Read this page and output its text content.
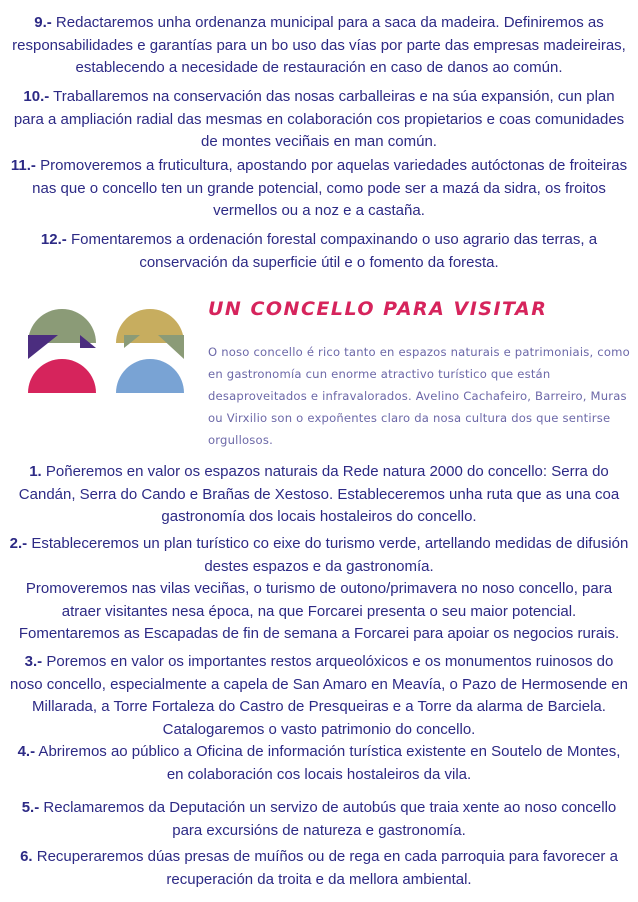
9.- Redactaremos unha ordenanza municipal para a saca da madeira. Definiremos as responsabilidades e garantías para un bo uso das vías por parte das empresas madeireiras, establecendo a necesidade de restauración en caso de danos ao común.

10.- Traballaremos na conservación das nosas carballeiras e na súa expansión, cun plan para a ampliación radial das mesmas en colaboración cos propietarios e coas comunidades de montes veciñais en man común.

11.- Promoveremos a fruticultura, apostando por aquelas variedades autóctonas de froiteiras nas que o concello ten un grande potencial, como pode ser a mazá da sidra, os froitos vermellos ou a noz e a castaña.

12.- Fomentaremos a ordenación forestal compaxinando o uso agrario das terras, a conservación da superficie útil e o fomento da foresta.

UN CONCELLO PARA VISITAR

O noso concello é rico tanto en espazos naturais e patrimoniais, como en gastronomía cun enorme atractivo turístico que están desaproveitados e infravalorados. Avelino Cachafeiro, Barreiro, Muras ou Virxilio son o expoñentes claro da nosa cultura dos que sentirse orgullosos.

1. Poñeremos en valor os espazos naturais da Rede natura 2000 do concello: Serra do Candán, Serra do Cando e Brañas de Xestoso. Estableceremos unha ruta que as una coa gastronomía dos locais hostaleiros do concello.

2.- Estableceremos un plan turístico co eixe do turismo verde, artellando medidas de difusión destes espazos e da gastronomía.
Promoveremos nas vilas veciñas, o turismo de outono/primavera no noso concello, para atraer visitantes nesa época, na que Forcarei presenta o seu maior potencial.
Fomentaremos as Escapadas de fin de semana a Forcarei para apoiar os negocios rurais.

3.- Poremos en valor os importantes restos arqueolóxicos e os monumentos ruinosos do noso concello, especialmente a capela de San Amaro en Meavía, o Pazo de Hermosende en Millarada, a Torre Fortaleza do Castro de Presqueiras e a Torre da alarma de Barciela. Catalogaremos o vasto patrimonio do concello.

4.- Abriremos ao público a Oficina de información turística existente en Soutelo de Montes, en colaboración cos locais hostaleiros da vila.

5.- Reclamaremos da Deputación un servizo de autobús que traia xente ao noso concello para excursións de natureza e gastronomía.

6. Recuperaremos dúas presas de muíños ou de rega en cada parroquia para favorecer a recuperación da troita e da mellora ambiental.
